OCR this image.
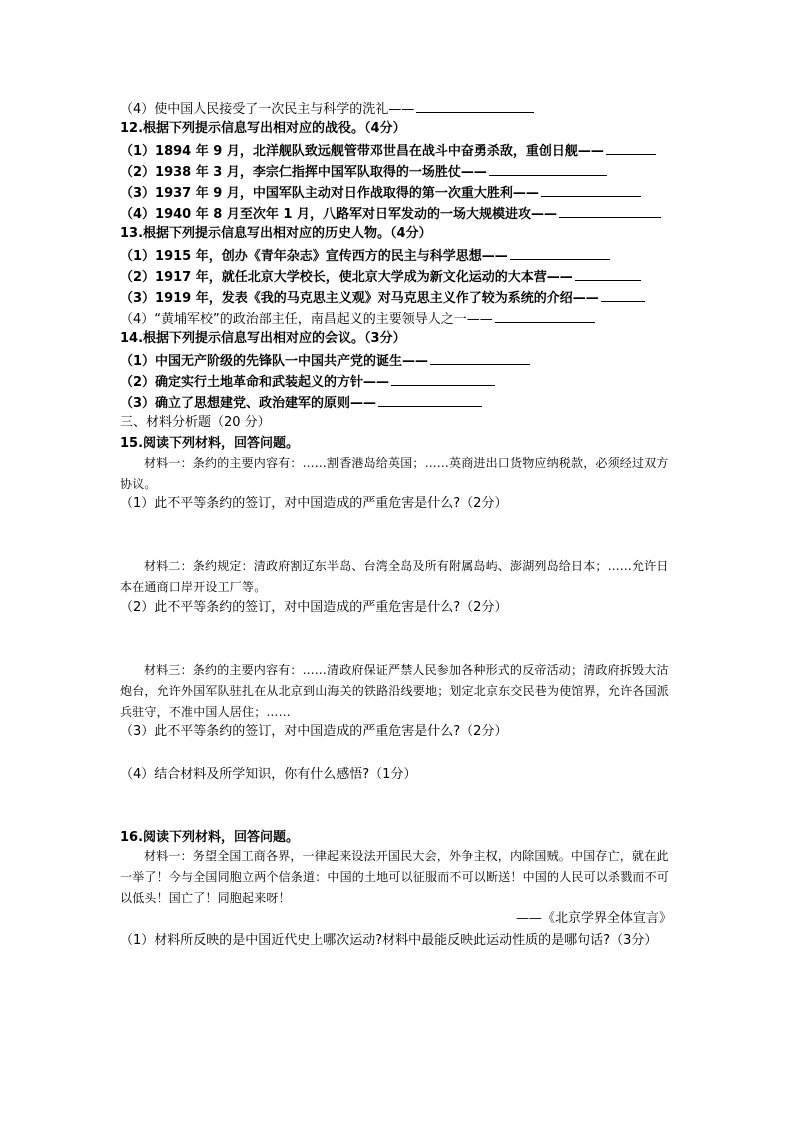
（4）使中国人民接受了一次民主与科学的洗礼——
12.根据下列提示信息写出相对应的战役。（4分）
（1）1894 年 9 月，北洋舰队致远舰管带邓世昌在战斗中奋勇杀敌，重创日舰——
（2）1938 年 3 月，李宗仁指挥中国军队取得的一场胜仗——
（3）1937 年 9 月，中国军队主动对日作战取得的第一次重大胜利——
（4）1940 年 8 月至次年 1 月，八路军对日军发动的一场大规模进攻——
13.根据下列提示信息写出相对应的历史人物。（4分）
（1）1915 年，创办《青年杂志》宣传西方的民主与科学思想——
（2）1917 年，就任北京大学校长，使北京大学成为新文化运动的大本营——
（3）1919 年，发表《我的马克思主义观》对马克思主义作了较为系统的介绍——
（4）“黄埔军校”的政治部主任，南昌起义的主要领导人之一——
14.根据下列提示信息写出相对应的会议。（3分）
（1）中国无产阶级的先锋队一中国共产党的诞生——
（2）确定实行土地革命和武装起义的方针——
（3）确立了思想建党、政治建军的原则——
三、材料分析题（20 分）
15.阅读下列材料，回答问题。
材料一：条约的主要内容有：……割香港岛给英国；……英商进出口货物应纳税款，必须经过双方协议。
（1）此不平等条约的签订，对中国造成的严重危害是什么?（2分）
材料二：条约规定：清政府割辽东半岛、台湾全岛及所有附属岛屿、澎湖列岛给日本；……允许日本在通商口岸开设工厂等。
（2）此不平等条约的签订，对中国造成的严重危害是什么?（2分）
材料三：条约的主要内容有：……清政府保证严禁人民参加各种形式的反帝活动；清政府拆毁大沽炮台，允许外国军队驻扎在从北京到山海关的铁路沿线要地；划定北京东交民巷为使馆界，允许各国派兵驻守，不准中国人居住；……
（3）此不平等条约的签订，对中国造成的严重危害是什么?（2分）
（4）结合材料及所学知识，你有什么感悟?（1分）
16.阅读下列材料，回答问题。
材料一：务望全国工商各界，一律起来设法开国民大会，外争主权，内除国贼。中国存亡，就在此一举了！今与全国同胞立两个信条道：中国的土地可以征服而不可以断送！中国的人民可以杀戮而不可以低头！国亡了！同胞起来呀！
——《北京学界全体宣言》
（1）材料所反映的是中国近代史上哪次运动?材料中最能反映此运动性质的是哪句话?（3分）
